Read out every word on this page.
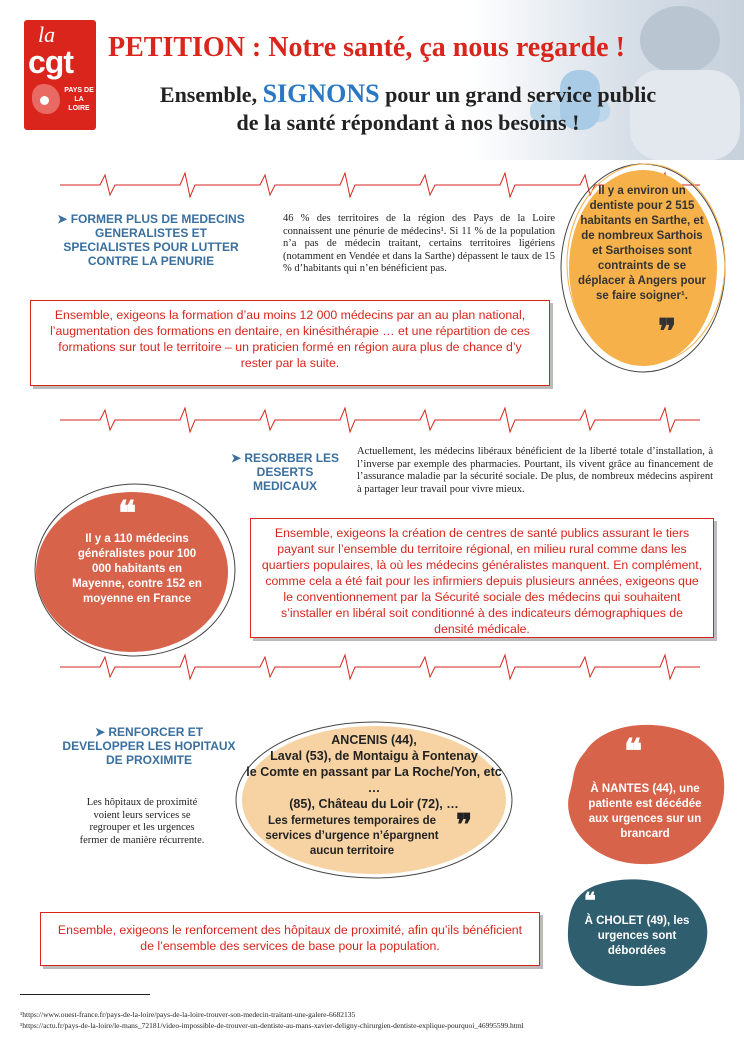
la
cgt
PAYS DE LA LOIRE
PETITION : Notre santé, ça nous regarde !
Ensemble, SIGNONS pour un grand service public
de la santé répondant à nos besoins !
➤ FORMER PLUS DE MEDECINS GENERALISTES ET SPECIALISTES POUR LUTTER CONTRE LA PENURIE
46 % des territoires de la région des Pays de la Loire connaissent une pénurie de médecins¹. Si 11 % de la population n’a pas de médecin traitant, certains territoires ligériens (notamment en Vendée et dans la Sarthe) dépassent le taux de 15 % d’habitants qui n’en bénéficient pas.
Il y a environ un dentiste pour 2 515 habitants en Sarthe, et de nombreux Sarthois et Sarthoises sont contraints de se déplacer à Angers pour se faire soigner¹.
❞
Ensemble, exigeons la formation d’au moins 12 000 médecins par an au plan national, l’augmentation des formations en dentaire, en kinésithérapie … et une répartition de ces formations sur tout le territoire – un praticien formé en région aura plus de chance d’y rester par la suite.
➤ RESORBER LES DESERTS MEDICAUX
Actuellement, les médecins libéraux bénéficient de la liberté totale d’installation, à l’inverse par exemple des pharmacies. Pourtant, ils vivent grâce au financement de l’assurance maladie par la sécurité sociale. De plus, de nombreux médecins aspirent à partager leur travail pour vivre mieux.
❝
Il y a 110 médecins généralistes pour 100 000 habitants en Mayenne, contre 152 en moyenne en France
Ensemble, exigeons la création de centres de santé publics assurant le tiers payant sur l’ensemble du territoire régional, en milieu rural comme dans les quartiers populaires, là où les médecins généralistes manquent. En complément, comme cela a été fait pour les infirmiers depuis plusieurs années, exigeons que le conventionnement par la Sécurité sociale des médecins qui souhaitent s’installer en libéral soit conditionné à des indicateurs démographiques de densité médicale.
➤ RENFORCER ET DEVELOPPER LES HOPITAUX DE PROXIMITE
Les hôpitaux de proximité voient leurs services se regrouper et les urgences fermer de manière récurrente.
ANCENIS (44),
Laval (53), de Montaigu à Fontenay
le Comte en passant par La Roche/Yon, etc …
(85), Château du Loir (72), …
Les fermetures temporaires de services d’urgence n’épargnent aucun territoire
❞
❝
À NANTES (44), une patiente est décédée aux urgences sur un brancard
❝
À CHOLET (49), les urgences sont débordées
Ensemble, exigeons le renforcement des hôpitaux de proximité, afin qu’ils bénéficient de l’ensemble des services de base pour la population.
¹https://www.ouest-france.fr/pays-de-la-loire/pays-de-la-loire-trouver-son-medecin-traitant-une-galere-6682135
¹https://actu.fr/pays-de-la-loire/le-mans_72181/video-impossible-de-trouver-un-dentiste-au-mans-xavier-deligny-chirurgien-dentiste-explique-pourquoi_46995599.html
